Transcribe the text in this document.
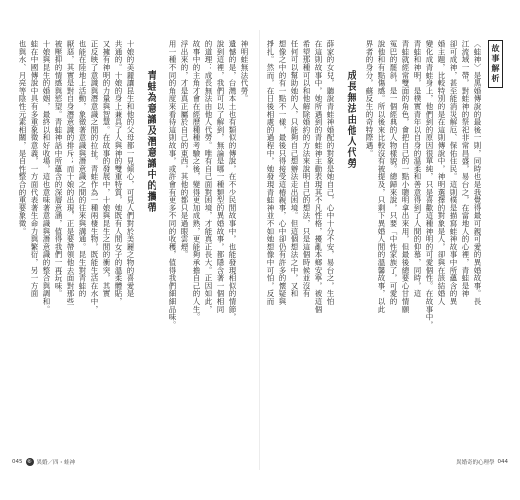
故事解析
〈蛙神〉是黑婚傳說的最後一則，同時也是我覺得最可親可愛的異婚故事。長
江流域一帶，對蛙神的祭祀非常昌盛，易台之，在當地人的心裡，青蛙是神
卻可成神，甚至能消災解厄、保佑住民。這則樸是描寫蛙神故事中所蘊含的異
婚主題，比較特別的是在這則傳說中，神明選擇的對象是人，卻與在該結婚人
變化成青蛙身上，他們到的原因很單純，只是喜歡這種神明的可愛個性。在故事中，
青蛙和神明，是樸實青年以自身的溫柔和善意得到了人間的仰慕，同時，這
青蛙就經常雙面的角色，會把自己的一點小聰明拿出來用，但最後總要心甘情願
冤巴的罷斜，是一個經典的人物樣貌。總歸來說，只要「中性家族了，可愛的
說他和有點傷感。所以後來比較沒有被提及，只剩下異婚人間的溫馨故事，以此
界者的身分，蘇反生的奇特際遇。
成長無法由他人代勞
薛家的女兒，聽說青蛙神婚配的對象是她自己，心中十分不安，易台之，生怕
在這則故事中，她所遇到的青蛙神主動表現其不凡性格，擾亂本鄉安寧，被這個
希望那種可以和他解除婚約的方法來說明自己的想法，只是這個時候並沒有
任何可以幫助她的人，只能夠自己想辦法走出困境。但這個想法之中，又和
想像之中的有一點不一樣，最後只得接受這樁親事，心中卻仍有許多的懷疑與
掙扎。然而，在日後相處的過程中，她發現青蛙神並不如她想像中可怕，反而
異婚奇的心理學 044
神明蛙無法代勞。
遺憾的是，台灣本土也有類似的傳說，在不少民間故事中，也能發現相似的情節，
說到這裡，我們可以了解到，無論是哪一種類型的異婚故事，都隱含著一個相同
的道理：成長無法由他人代勞。唯有自己面對困境，才能真正長大。正因如此，
故事中的主角才會在經歷種種考驗之後，變得更加成熟，更能夠承擔自己的人生。
浮出來的，才是真正屬於自己的東西，其他的都只是過眼雲煙。
用一種不同的角度來看待這則故事，或許會有更多不同的收穫，值得我們細細品味。
青蛙為意識及潛意識中的攜帶
十娘的美麗讓昆生和他的父母都一見傾心，可見人們對於美麗之物的喜愛是
共通的。十娘的身上兼具了人與神的雙重特質，她既有人間女子的溫柔體貼，
又擁有神明的力量與智慧。在故事的發展中，十娘與昆生之間的衝突，其實
正反映了意識與潛意識之間的拉扯。青蛙作為一種兩棲生物，既能生活在水中，
也能在陸地上活動，象徵著意識與潛意識之間的往來與溝通。昆生對青蛙的
厭惡，其實是對自身潛意識的排斥；而十娘的出現，正是要帶領他去面對那些
被壓抑的情感與慾望。青蛙神話中所蘊含的深層意涵，值得我們一再玩味。
十娘與昆生的婚姻，最終以和好收場，這也意味著意識與潛意識的整合與調和。
蛙在中國傳說中具有多重象徵意義，一方面代表著生命力與繁衍，另一方面
也與水、月亮等陰性元素相關，是自性整合的重要象徵。
045 ⑥ 異婚／四・蛙神
